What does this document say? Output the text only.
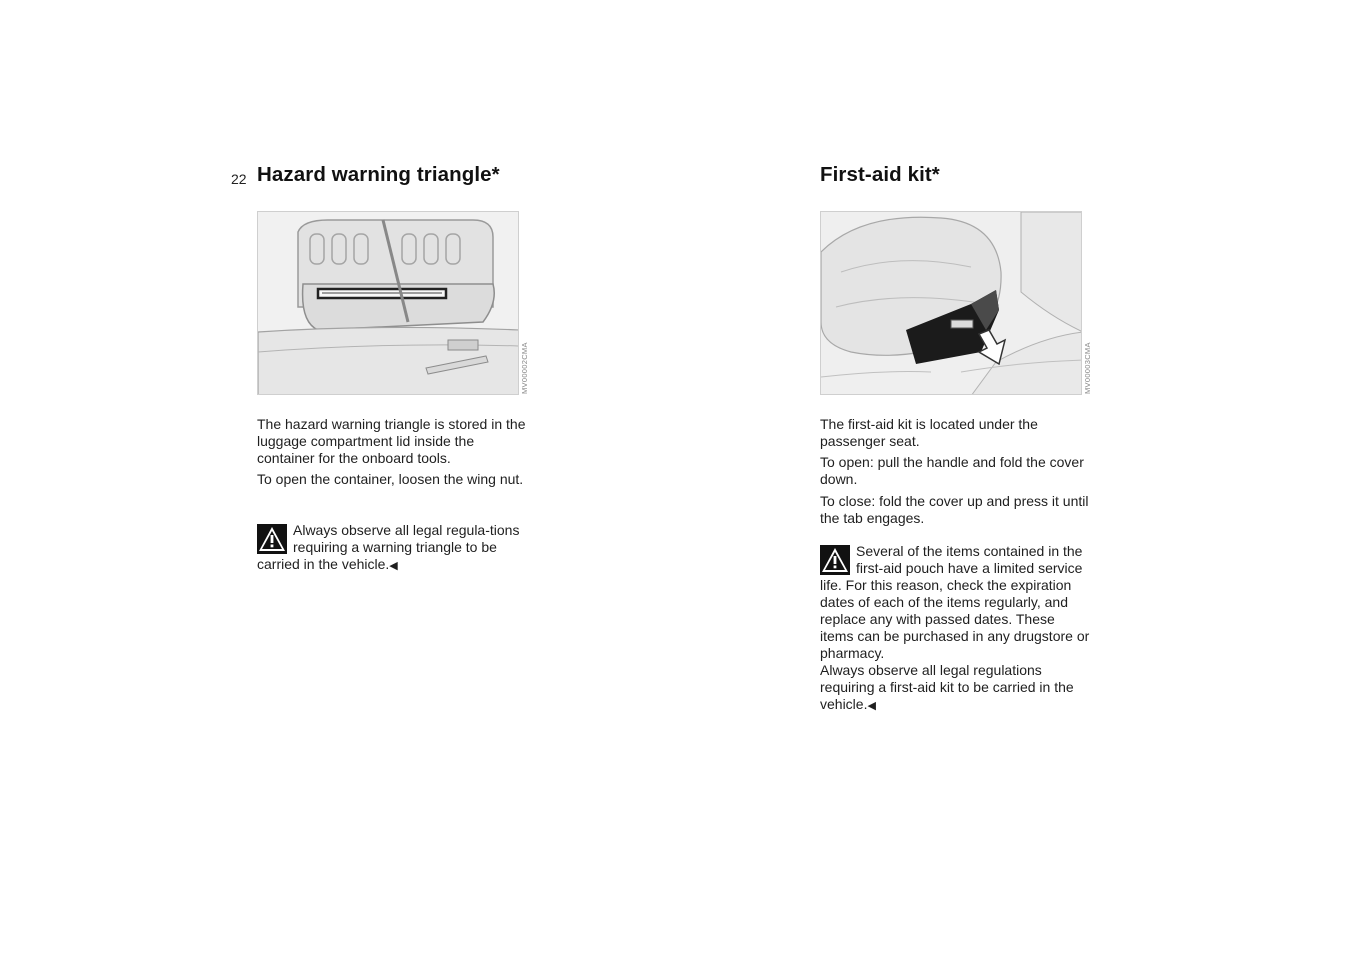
22 Hazard warning triangle*
MV00002CMA

The hazard warning triangle is stored in the luggage compartment lid inside the container for the onboard tools.

To open the container, loosen the wing nut.

Always observe all legal regula-tions requiring a warning triangle to be carried in the vehicle.◀

First-aid kit*
MV00003CMA

The first-aid kit is located under the passenger seat.

To open: pull the handle and fold the cover down.

To close: fold the cover up and press it until the tab engages.

Several of the items contained in the first-aid pouch have a limited service life. For this reason, check the expiration dates of each of the items regularly, and replace any with passed dates. These items can be purchased in any drugstore or pharmacy.

Always observe all legal regulations requiring a first-aid kit to be carried in the vehicle.◀
